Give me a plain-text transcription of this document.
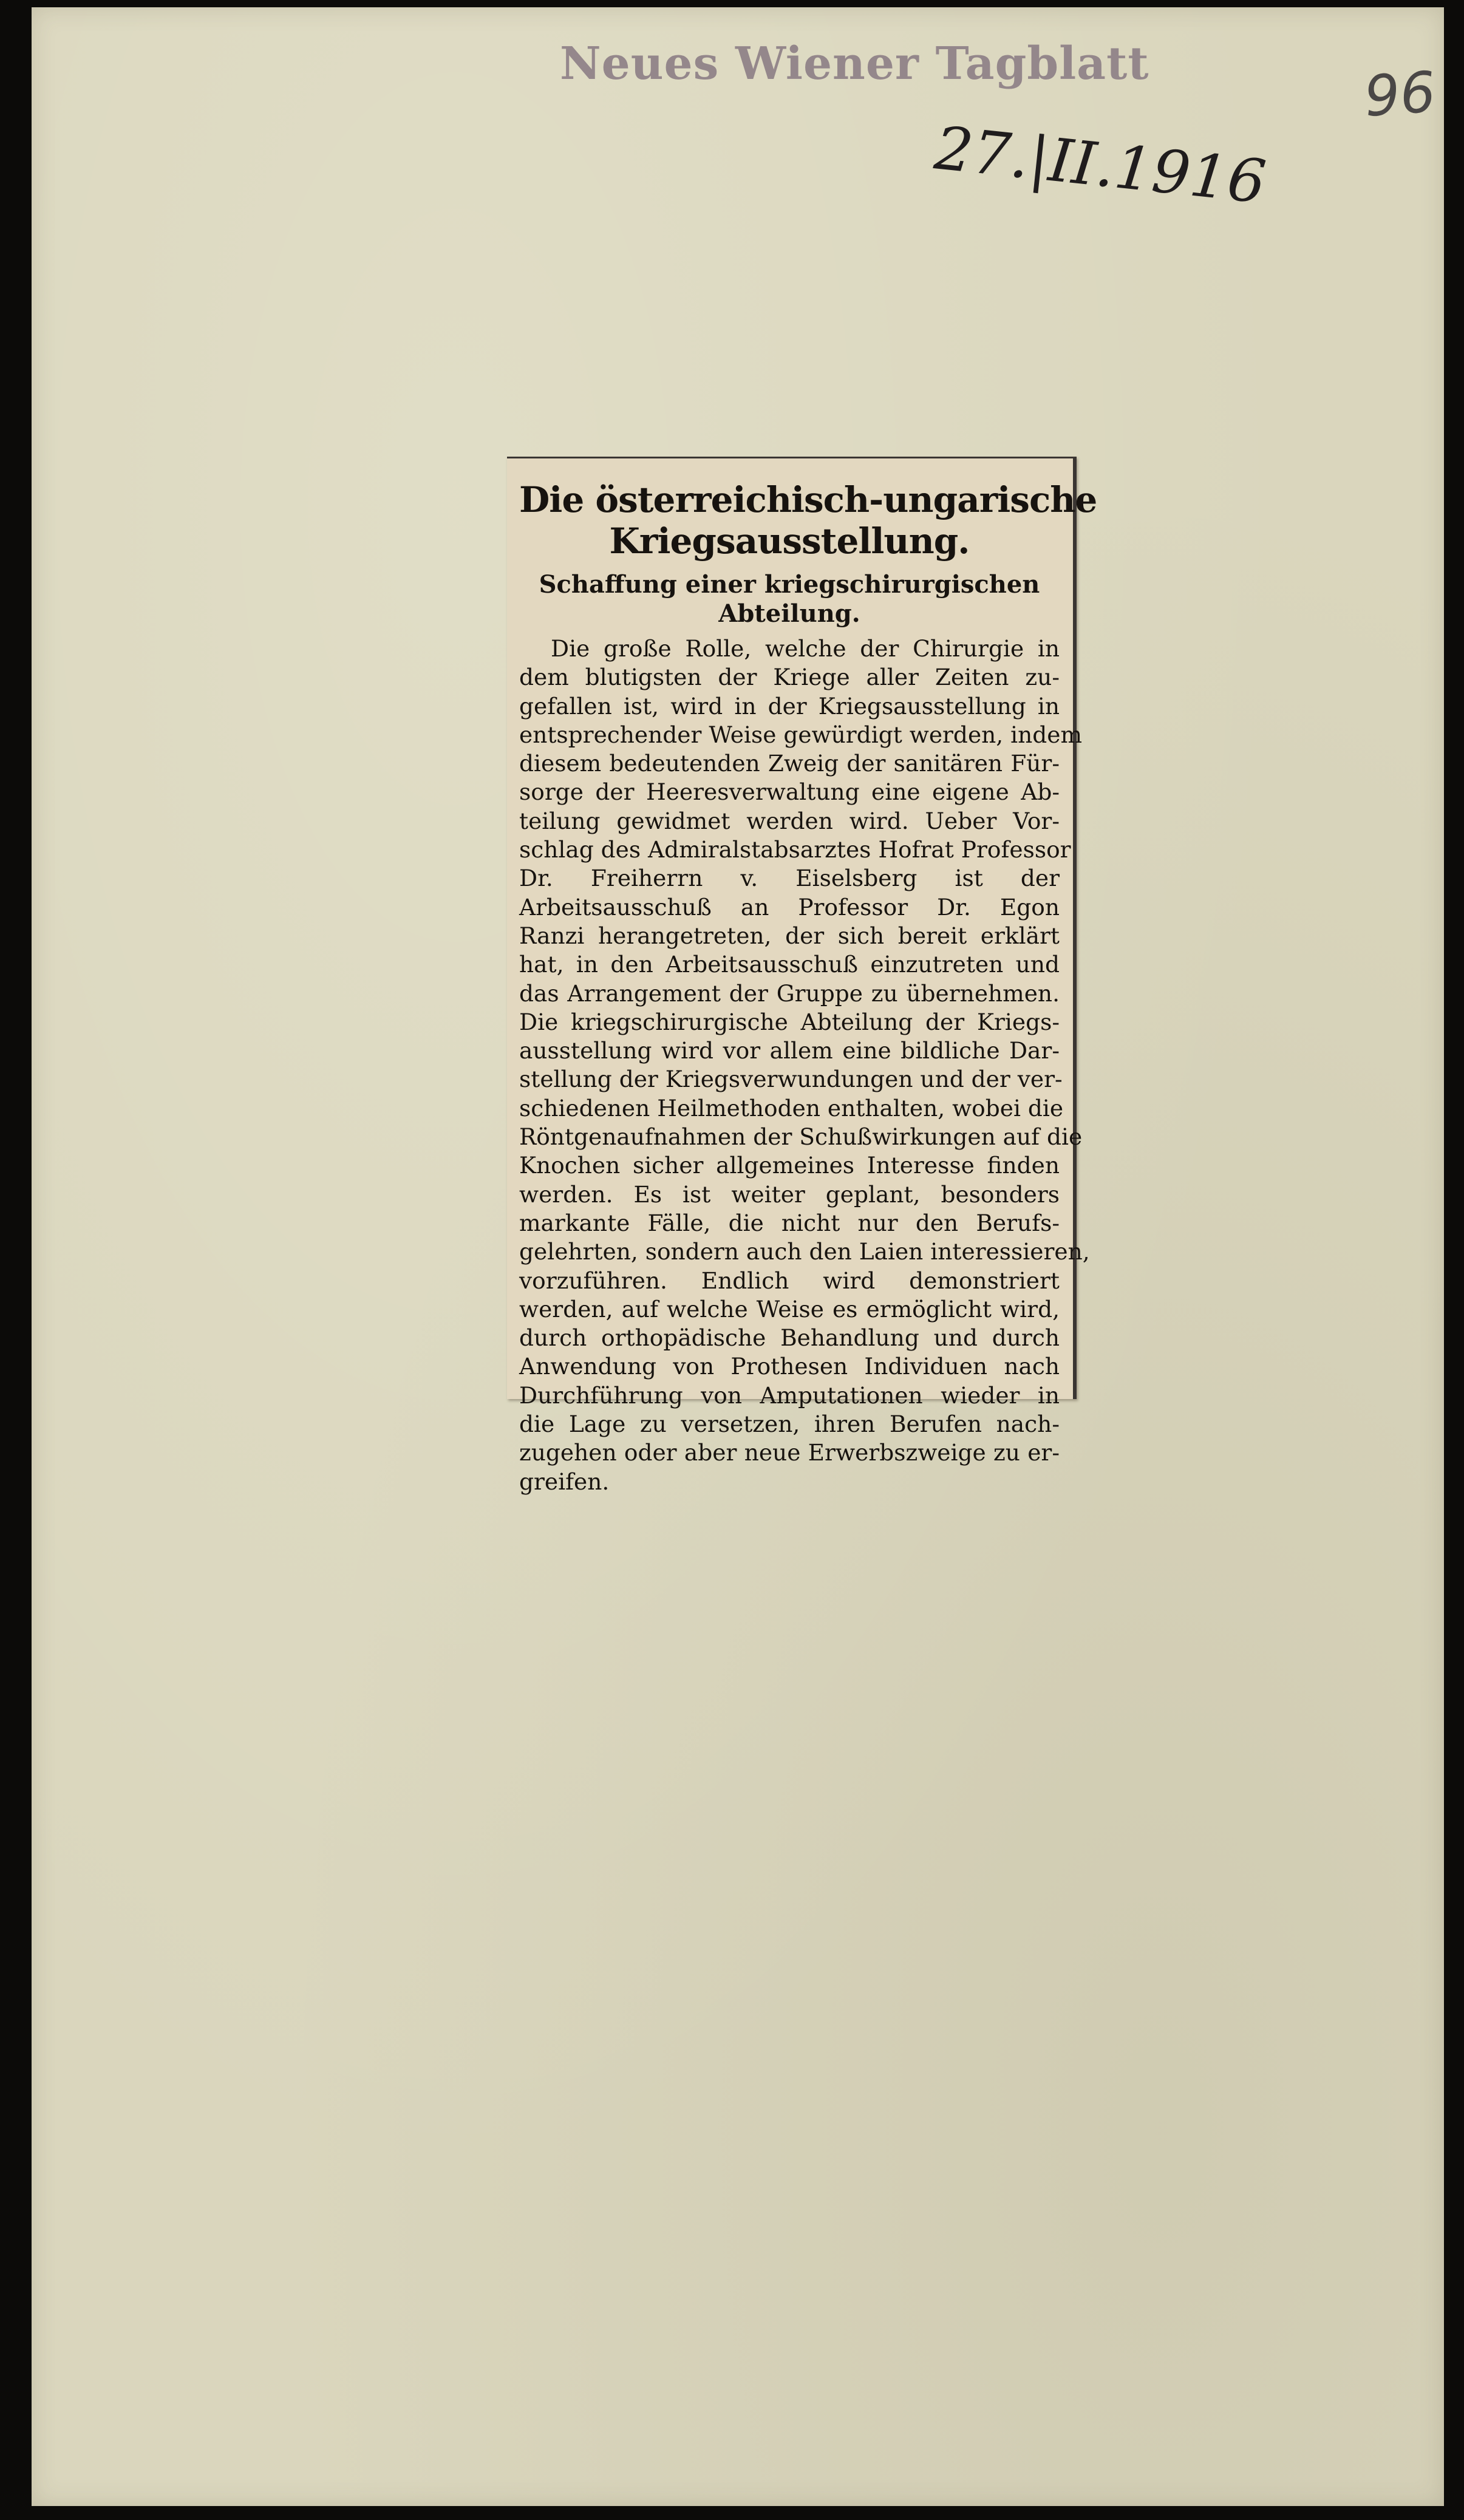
Neues Wiener Tagblatt
27.|II.1916
96
Die österreichisch-ungarische
Kriegsausstellung.
Schaffung einer kriegschirurgischen
Abteilung.
Die große Rolle, welche der Chirurgie in
dem blutigsten der Kriege aller Zeiten zu-
gefallen ist, wird in der Kriegsausstellung in
entsprechender Weise gewürdigt werden, indem
diesem bedeutenden Zweig der sanitären Für-
sorge der Heeresverwaltung eine eigene Ab-
teilung gewidmet werden wird. Ueber Vor-
schlag des Admiralstabsarztes Hofrat Professor
Dr. Freiherrn v. Eiselsberg ist der
Arbeitsausschuß an Professor Dr. Egon
Ranzi herangetreten, der sich bereit erklärt
hat, in den Arbeitsausschuß einzutreten und
das Arrangement der Gruppe zu übernehmen.
Die kriegschirurgische Abteilung der Kriegs-
ausstellung wird vor allem eine bildliche Dar-
stellung der Kriegsverwundungen und der ver-
schiedenen Heilmethoden enthalten, wobei die
Röntgenaufnahmen der Schußwirkungen auf die
Knochen sicher allgemeines Interesse finden
werden. Es ist weiter geplant, besonders
markante Fälle, die nicht nur den Berufs-
gelehrten, sondern auch den Laien interessieren,
vorzuführen. Endlich wird demonstriert
werden, auf welche Weise es ermöglicht wird,
durch orthopädische Behandlung und durch
Anwendung von Prothesen Individuen nach
Durchführung von Amputationen wieder in
die Lage zu versetzen, ihren Berufen nach-
zugehen oder aber neue Erwerbszweige zu er-
greifen.
